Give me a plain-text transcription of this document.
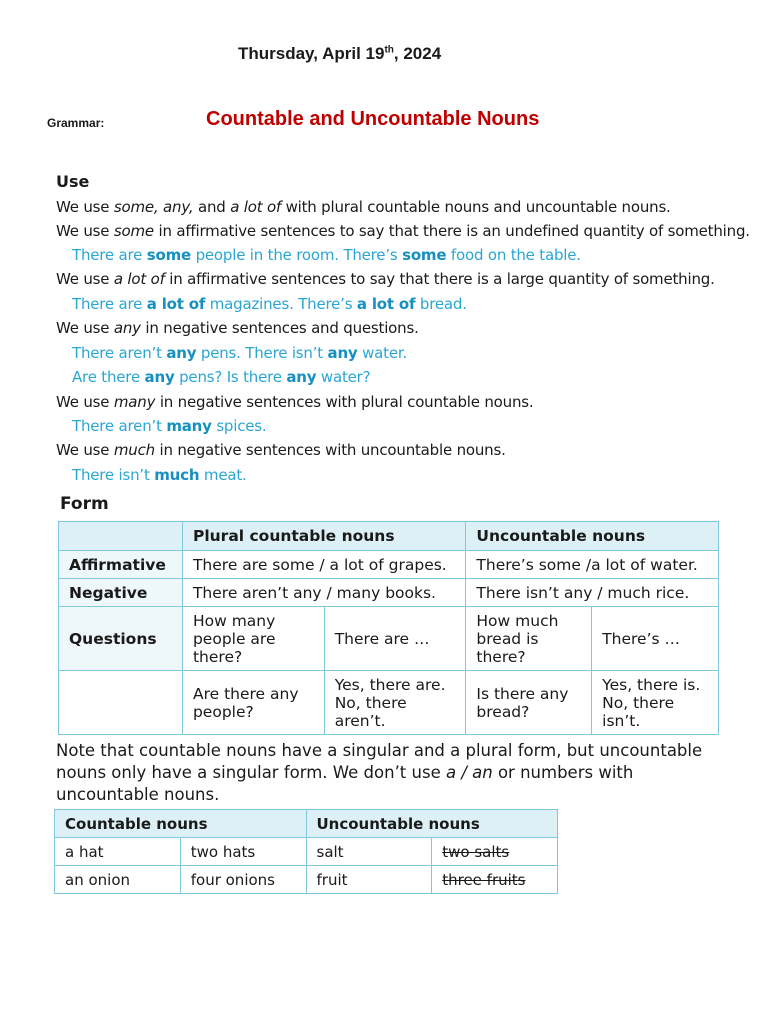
Thursday, April 19th, 2024
Grammar:	Countable and Uncountable Nouns
Use
We use some, any, and a lot of with plural countable nouns and uncountable nouns.
We use some in affirmative sentences to say that there is an undefined quantity of something.
There are some people in the room. There’s some food on the table.
We use a lot of in affirmative sentences to say that there is a large quantity of something.
There are a lot of magazines. There’s a lot of bread.
We use any in negative sentences and questions.
There aren’t any pens. There isn’t any water.
Are there any pens? Is there any water?
We use many in negative sentences with plural countable nouns.
There aren’t many spices.
We use much in negative sentences with uncountable nouns.
There isn’t much meat.
Form
	Plural countable nouns		Uncountable nouns	
Affirmative	There are some / a lot of grapes.		There’s some /a lot of water.	
Negative	There aren’t any / many books.		There isn’t any / much rice.	
Questions	How many people are there?	There are …	How much bread is there?	There’s …
	Are there any people?	Yes, there are. No, there aren’t.	Is there any bread?	Yes, there is. No, there isn’t.
Note that countable nouns have a singular and a plural form, but uncountable nouns only have a singular form. We don’t use a / an or numbers with uncountable nouns.
Countable nouns		Uncountable nouns	
a hat	two hats	salt	two salts
an onion	four onions	fruit	three fruits
